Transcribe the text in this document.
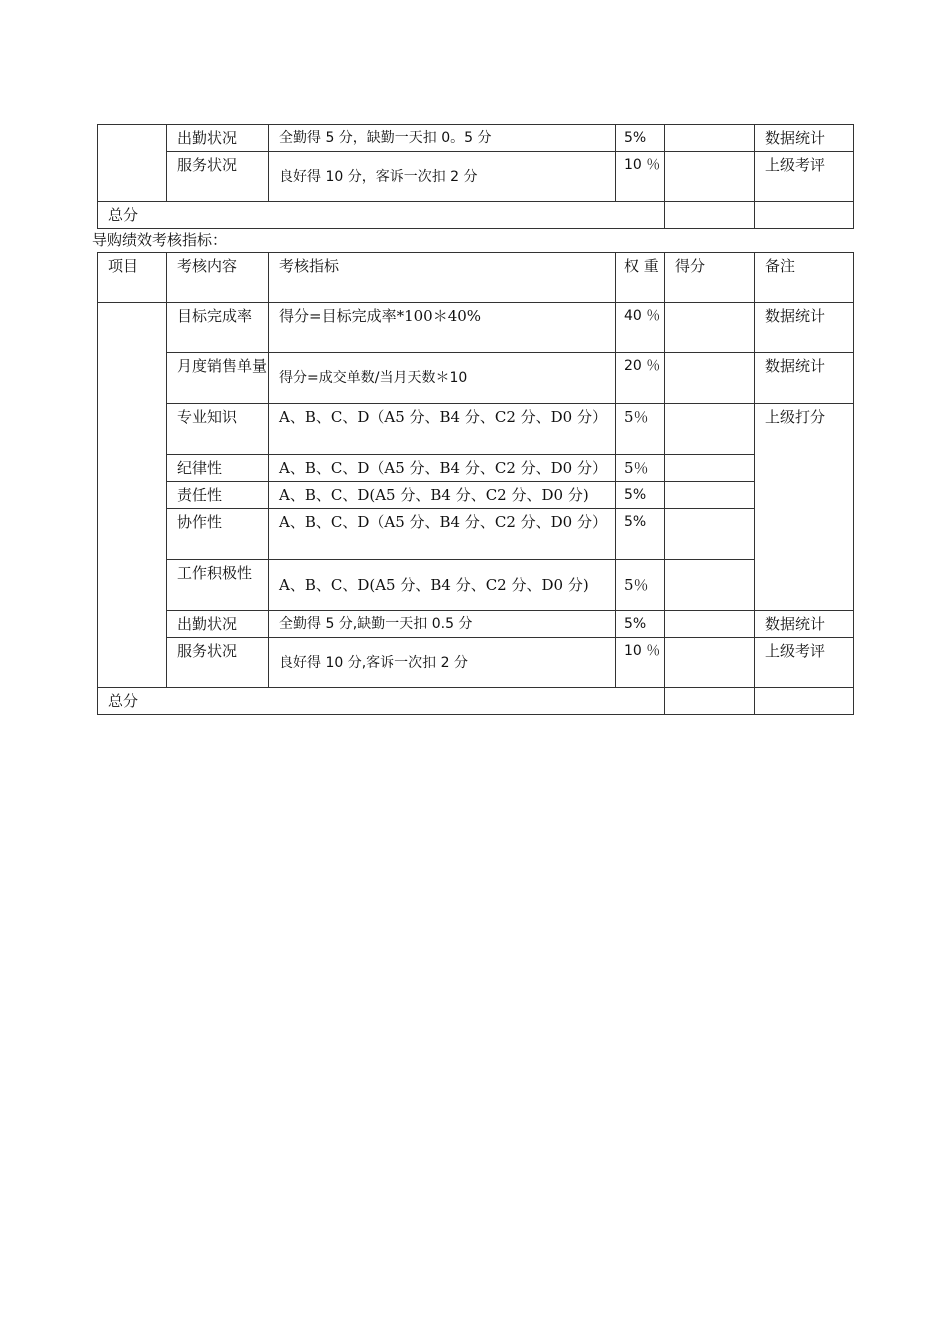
	出勤状况	全勤得 5 分，缺勤一天扣 0。5 分	5%		数据统计
	服务状况	良好得 10 分，客诉一次扣 2 分	10 ％		上级考评
总分					
导购绩效考核指标：
项目	考核内容	考核指标	权 重	得分	备注
	目标完成率	得分=目标完成率*100＊40%	40 ％		数据统计
	月度销售单量	得分=成交单数/当月天数＊10	20 ％		数据统计
	专业知识	A、B、C、D（A5 分、B4 分、C2 分、D0 分）	5％		上级打分
	纪律性	A、B、C、D（A5 分、B4 分、C2 分、D0 分）	5％		
	责任性	A、B、C、D(A5 分、B4 分、C2 分、D0 分)	5%		
	协作性	A、B、C、D（A5 分、B4 分、C2 分、D0 分）	5%		
	工作积极性	A、B、C、D(A5 分、B4 分、C2 分、D0 分)	5％		
	出勤状况	全勤得 5 分,缺勤一天扣 0.5 分	5%		数据统计
	服务状况	良好得 10 分,客诉一次扣 2 分	10 ％		上级考评
总分					
